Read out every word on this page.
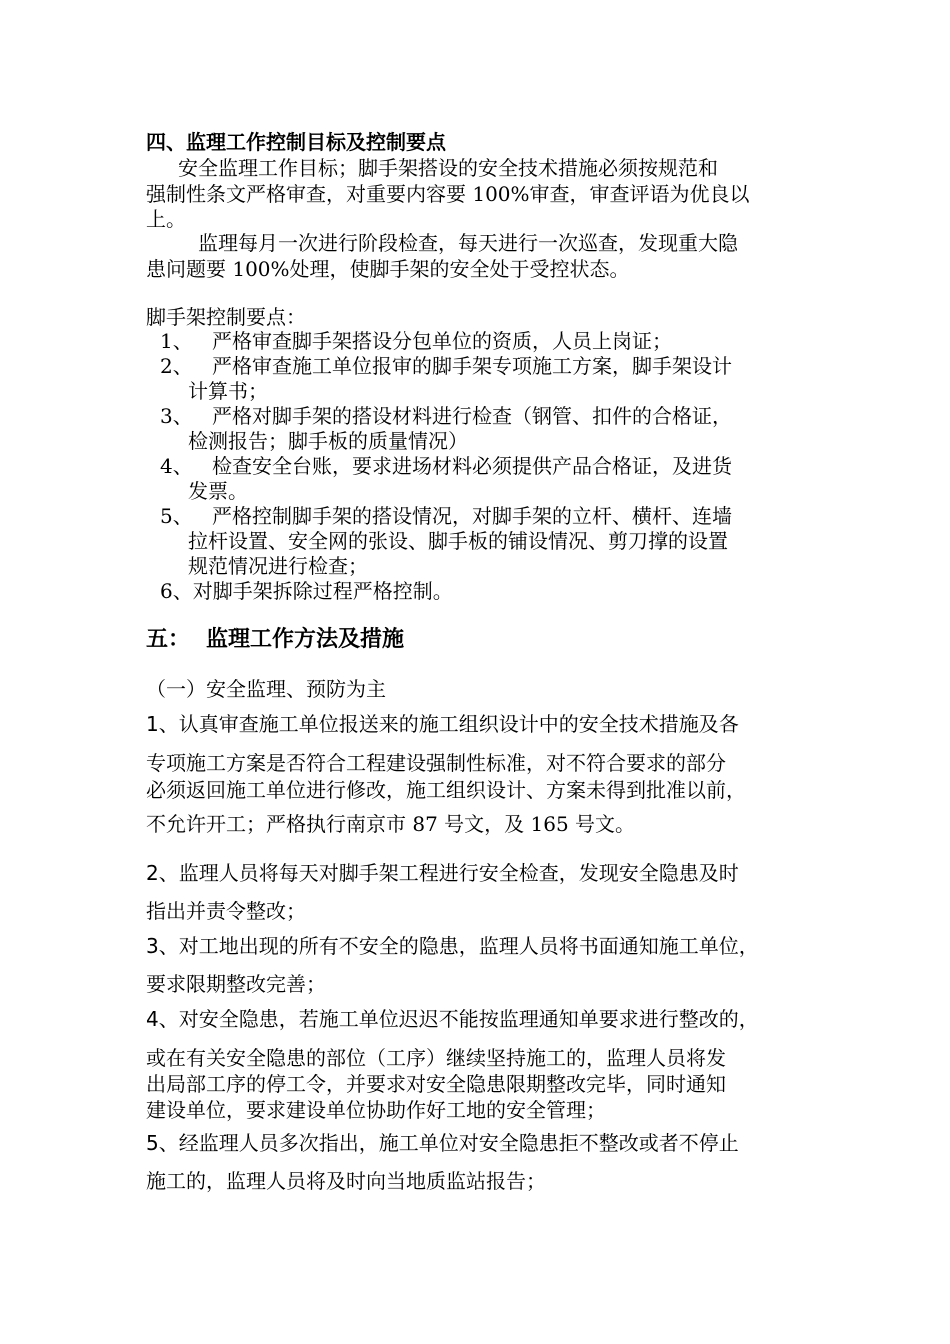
四、监理工作控制目标及控制要点
安全监理工作目标；脚手架搭设的安全技术措施必须按规范和
强制性条文严格审查，对重要内容要 100%审查，审查评语为优良以
上。
监理每月一次进行阶段检查，每天进行一次巡查，发现重大隐
患问题要 100%处理，使脚手架的安全处于受控状态。
脚手架控制要点：
1、 严格审查脚手架搭设分包单位的资质，人员上岗证；
2、 严格审查施工单位报审的脚手架专项施工方案，脚手架设计
计算书；
3、 严格对脚手架的搭设材料进行检查（钢管、扣件的合格证，
检测报告；脚手板的质量情况）
4、 检查安全台账，要求进场材料必须提供产品合格证，及进货
发票。
5、 严格控制脚手架的搭设情况，对脚手架的立杆、横杆、连墙
拉杆设置、安全网的张设、脚手板的铺设情况、剪刀撑的设置
规范情况进行检查；
6、对脚手架拆除过程严格控制。
五： 监理工作方法及措施
（一）安全监理、预防为主
1、认真审查施工单位报送来的施工组织设计中的安全技术措施及各
专项施工方案是否符合工程建设强制性标准，对不符合要求的部分
必须返回施工单位进行修改，施工组织设计、方案未得到批准以前，
不允许开工；严格执行南京市 87 号文，及 165 号文。
2、监理人员将每天对脚手架工程进行安全检查，发现安全隐患及时
指出并责令整改；
3、对工地出现的所有不安全的隐患，监理人员将书面通知施工单位，
要求限期整改完善；
4、对安全隐患，若施工单位迟迟不能按监理通知单要求进行整改的，
或在有关安全隐患的部位（工序）继续坚持施工的，监理人员将发
出局部工序的停工令，并要求对安全隐患限期整改完毕，同时通知
建设单位，要求建设单位协助作好工地的安全管理；
5、经监理人员多次指出，施工单位对安全隐患拒不整改或者不停止
施工的，监理人员将及时向当地质监站报告；
